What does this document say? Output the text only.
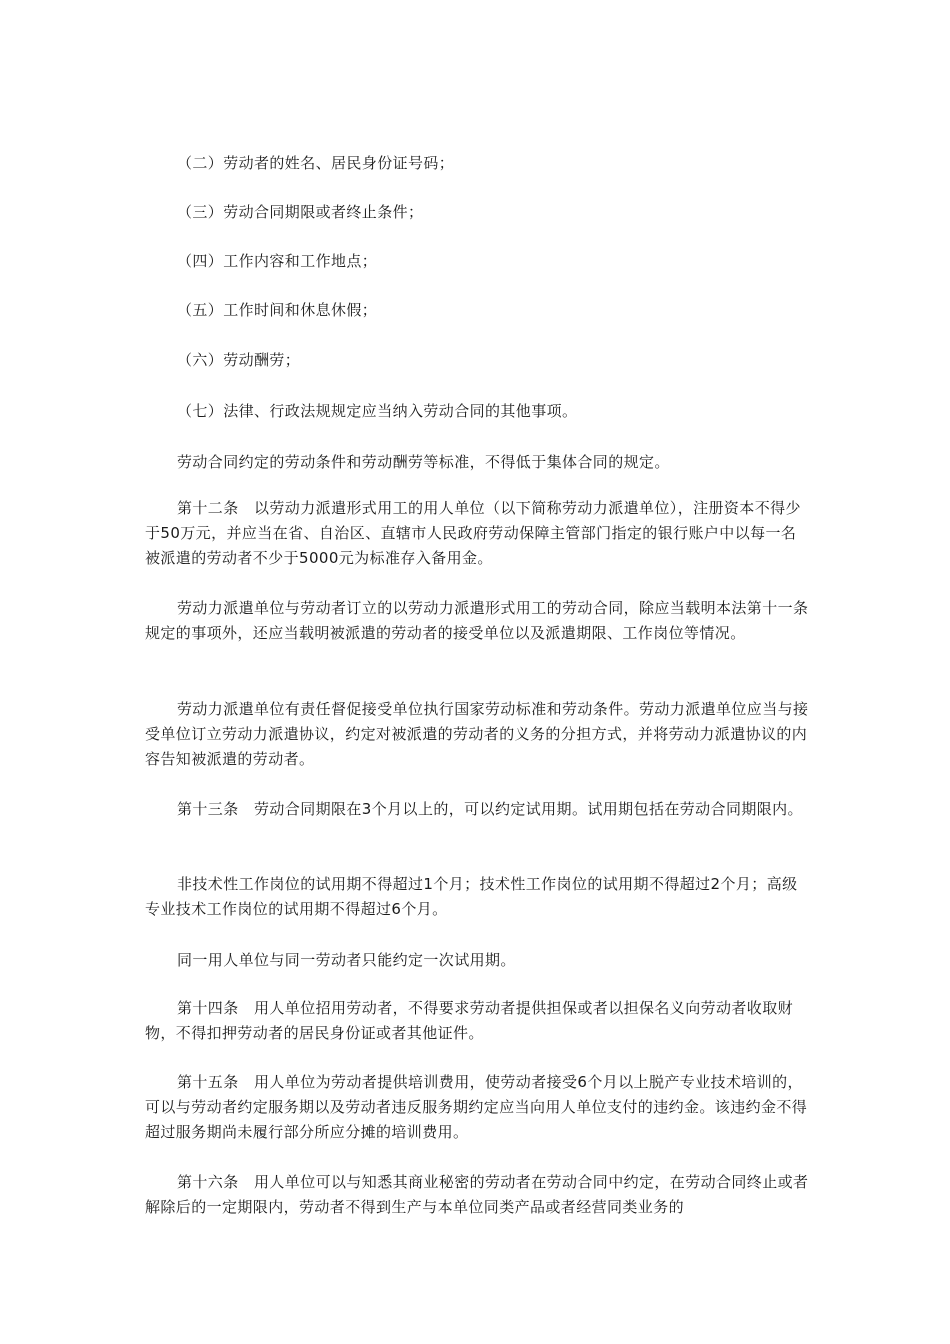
（二）劳动者的姓名、居民身份证号码；

（三）劳动合同期限或者终止条件；

（四）工作内容和工作地点；

（五）工作时间和休息休假；

（六）劳动酬劳；

（七）法律、行政法规规定应当纳入劳动合同的其他事项。

劳动合同约定的劳动条件和劳动酬劳等标准，不得低于集体合同的规定。

第十二条　以劳动力派遣形式用工的用人单位（以下简称劳动力派遣单位），注册资本不得少于50万元，并应当在省、自治区、直辖市人民政府劳动保障主管部门指定的银行账户中以每一名被派遣的劳动者不少于5000元为标准存入备用金。

劳动力派遣单位与劳动者订立的以劳动力派遣形式用工的劳动合同，除应当载明本法第十一条规定的事项外，还应当载明被派遣的劳动者的接受单位以及派遣期限、工作岗位等情况。

劳动力派遣单位有责任督促接受单位执行国家劳动标准和劳动条件。劳动力派遣单位应当与接受单位订立劳动力派遣协议，约定对被派遣的劳动者的义务的分担方式，并将劳动力派遣协议的内容告知被派遣的劳动者。

第十三条　劳动合同期限在3个月以上的，可以约定试用期。试用期包括在劳动合同期限内。

非技术性工作岗位的试用期不得超过1个月；技术性工作岗位的试用期不得超过2个月；高级专业技术工作岗位的试用期不得超过6个月。

同一用人单位与同一劳动者只能约定一次试用期。

第十四条　用人单位招用劳动者，不得要求劳动者提供担保或者以担保名义向劳动者收取财物，不得扣押劳动者的居民身份证或者其他证件。

第十五条　用人单位为劳动者提供培训费用，使劳动者接受6个月以上脱产专业技术培训的，可以与劳动者约定服务期以及劳动者违反服务期约定应当向用人单位支付的违约金。该违约金不得超过服务期尚未履行部分所应分摊的培训费用。

第十六条　用人单位可以与知悉其商业秘密的劳动者在劳动合同中约定，在劳动合同终止或者解除后的一定期限内，劳动者不得到生产与本单位同类产品或者经营同类业务的
